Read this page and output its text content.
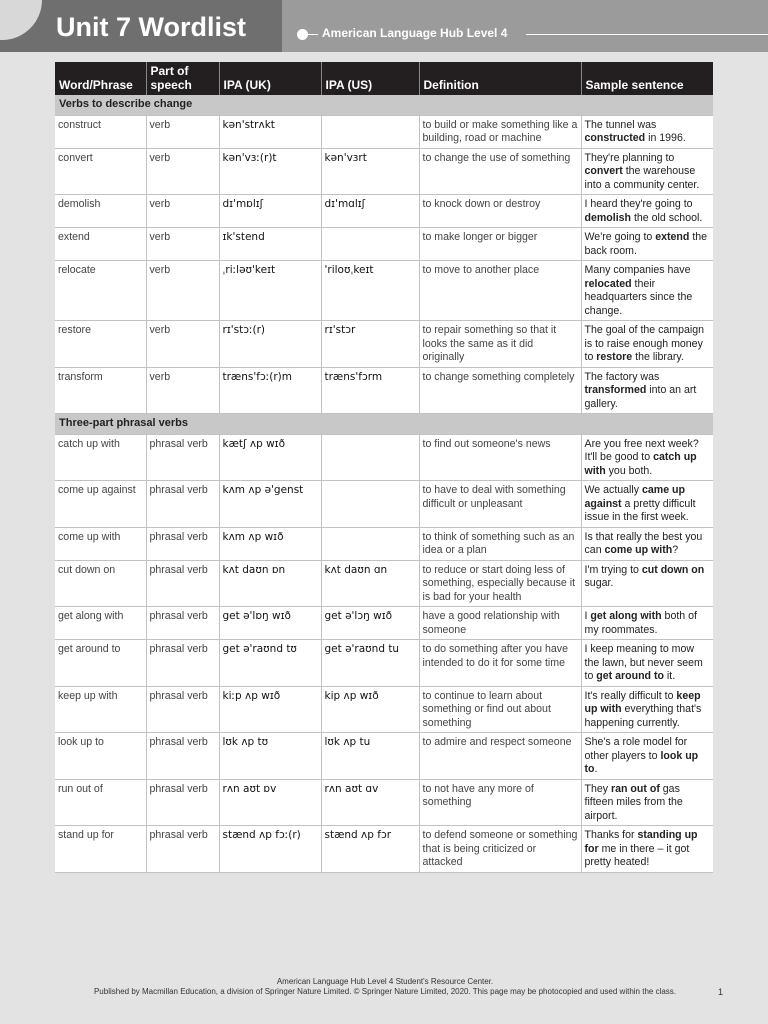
Unit 7 Wordlist	American Language Hub Level 4
Word/Phrase	Part of speech	IPA (UK)	IPA (US)	Definition	Sample sentence
Verbs to describe change					
construct	verb	kən'strʌkt		to build or make something like a building, road or machine	The tunnel was constructed in 1996.
convert	verb	kən'vɜː(r)t	kən'vɜrt	to change the use of something	They're planning to convert the warehouse into a community center.
demolish	verb	dɪ'mɒlɪʃ	dɪ'mɑlɪʃ	to knock down or destroy	I heard they're going to demolish the old school.
extend	verb	ɪk'stend		to make longer or bigger	We're going to extend the back room.
relocate	verb	ˌriːləʊ'keɪt	'riloʊˌkeɪt	to move to another place	Many companies have relocated their headquarters since the change.
restore	verb	rɪ'stɔː(r)	rɪ'stɔr	to repair something so that it looks the same as it did originally	The goal of the campaign is to raise enough money to restore the library.
transform	verb	træns'fɔː(r)m	træns'fɔrm	to change something completely	The factory was transformed into an art gallery.
Three-part phrasal verbs					
catch up with	phrasal verb	kætʃ ʌp wɪð		to find out someone's news	Are you free next week? It'll be good to catch up with you both.
come up against	phrasal verb	kʌm ʌp ə'genst		to have to deal with something difficult or unpleasant	We actually came up against a pretty difficult issue in the first week.
come up with	phrasal verb	kʌm ʌp wɪð		to think of something such as an idea or a plan	Is that really the best you can come up with?
cut down on	phrasal verb	kʌt daʊn ɒn	kʌt daʊn ɑn	to reduce or start doing less of something, especially because it is bad for your health	I'm trying to cut down on sugar.
get along with	phrasal verb	get ə'lɒŋ wɪð	get ə'lɔŋ wɪð	have a good relationship with someone	I get along with both of my roommates.
get around to	phrasal verb	get ə'raʊnd tʊ	get ə'raʊnd tu	to do something after you have intended to do it for some time	I keep meaning to mow the lawn, but never seem to get around to it.
keep up with	phrasal verb	kiːp ʌp wɪð	kip ʌp wɪð	to continue to learn about something or find out about something	It's really difficult to keep up with everything that's happening currently.
look up to	phrasal verb	lʊk ʌp tʊ	lʊk ʌp tu	to admire and respect someone	She's a role model for other players to look up to.
run out of	phrasal verb	rʌn aʊt ɒv	rʌn aʊt ɑv	to not have any more of something	They ran out of gas fifteen miles from the airport.
stand up for	phrasal verb	stænd ʌp fɔː(r)	stænd ʌp fɔr	to defend someone or something that is being criticized or attacked	Thanks for standing up for me in there – it got pretty heated!
American Language Hub Level 4 Student's Resource Center.
Published by Macmillan Education, a division of Springer Nature Limited. © Springer Nature Limited, 2020. This page may be photocopied and used within the class.	1
